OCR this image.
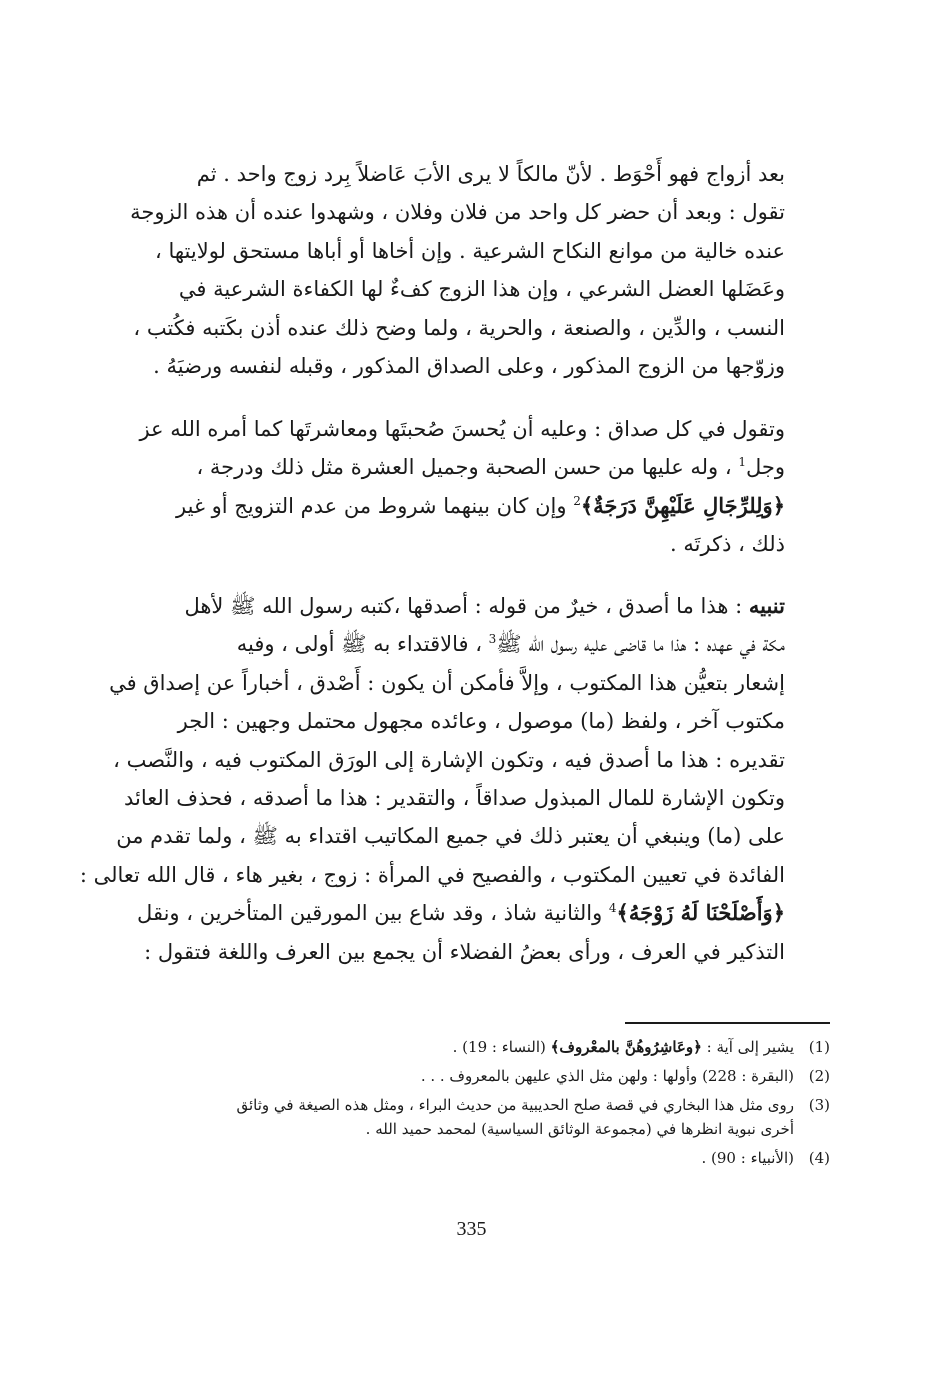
بعد أزواج فهو أَحْوَط . لأنّ مالكاً لا يرى الأبَ عَاضلاً بِرد زوج واحد . ثم
تقول : وبعد أن حضر كل واحد من فلان وفلان ، وشهدوا عنده أن هذه الزوجة
عنده خالية من موانع النكاح الشرعية . وإن أخاها أو أباها مستحق لولايتها ،
وعَضَلها العضل الشرعي ، وإن هذا الزوج كفءٌ لها الكفاءة الشرعية في
النسب ، والدِّين ، والصنعة ، والحرية ، ولما وضح ذلك عنده أذن بكَتبه فكُتب ،
وزوّجها من الزوج المذكور ، وعلى الصداق المذكور ، وقبله لنفسه ورضيَهُ .
وتقول في كل صداق : وعليه أن يُحسنَ صُحبتَها ومعاشرتَها كما أمره الله عز
وجل$^1$ ، وله عليها من حسن الصحبة وجميل العشرة مثل ذلك ودرجة ،
﴿وَلِلرِّجَالِ عَلَيْهِنَّ دَرَجَةٌ﴾$^2$ وإن كان بينهما شروط من عدم التزويج أو غير
ذلك ، ذكرتَه .
تنبيه : هذا ما أصدق ، خيرٌ من قوله : أصدقها ،كتبه رسول الله ﷺ لأهل
مكة في عهده : هذا ما قاضى عليه رسول الله ﷺ$^3$ ، فالاقتداء به ﷺ أولى ، وفيه
إشعار بتعيُّن هذا المكتوب ، وإلاَّ فأمكن أن يكون : أَصْدق ، أخباراً عن إصداق في
مكتوب آخر ، ولفظ (ما) موصول ، وعائده مجهول محتمل وجهين : الجر
تقديره : هذا ما أصدق فيه ، وتكون الإشارة إلى الورَق المكتوب فيه ، والنَّصب ،
وتكون الإشارة للمال المبذول صداقاً ، والتقدير : هذا ما أصدقه ، فحذف العائد
على (ما) وينبغي أن يعتبر ذلك في جميع المكاتيب اقتداء به ﷺ ، ولما تقدم من
الفائدة في تعيين المكتوب ، والفصيح في المرأة : زوج ، بغير هاء ، قال الله تعالى :
﴿وَأَصْلَحْنَا لَهُ زَوْجَهُ﴾$^4$ والثانية شاذ ، وقد شاع بين المورقين المتأخرين ، ونقل
التذكير في العرف ، ورأى بعضُ الفضلاء أن يجمع بين العرف واللغة فتقول :
(1)
يشير إلى آية : ﴿وعَاشِرُوهُنَّ بالمعْروف﴾ (النساء : 19) .
(2)
(البقرة : 228) وأولها : ولهن مثل الذي عليهن بالمعروف . . .
(3)
روى مثل هذا البخاري في قصة صلح الحديبية من حديث البراء ، ومثل هذه الصيغة في وثائق
أخرى نبوية انظرها في (مجموعة الوثائق السياسية) لمحمد حميد الله .
(4)
(الأنبياء : 90) .
335
